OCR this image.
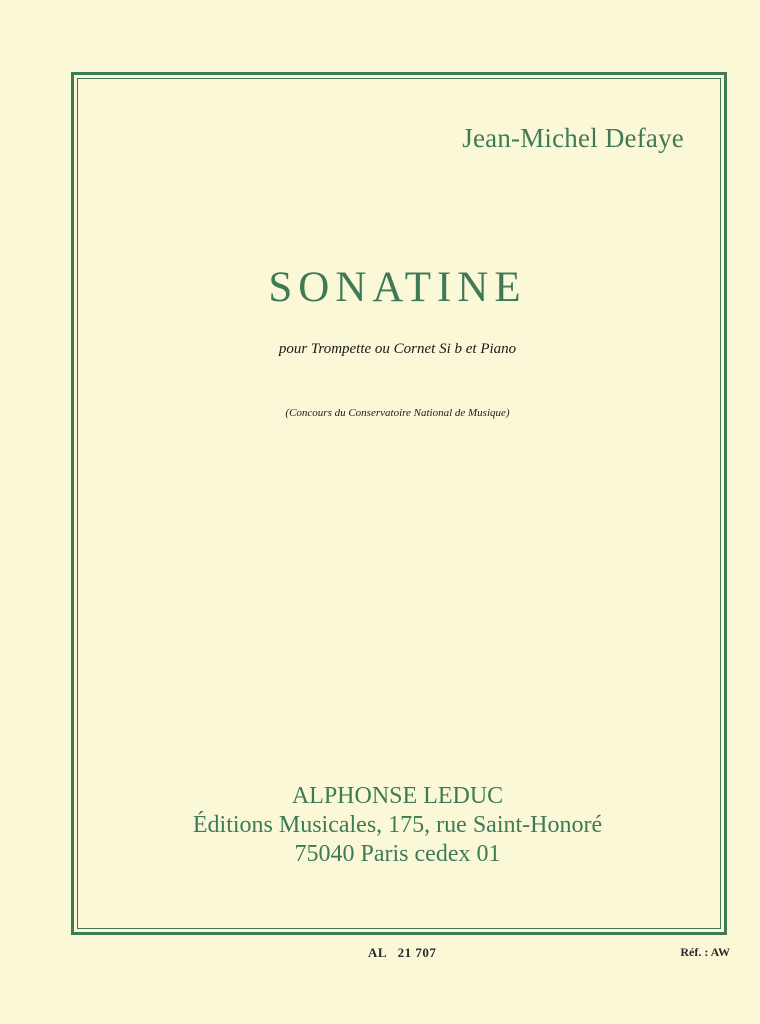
Jean-Michel Defaye
SONATINE
pour Trompette ou Cornet Si b et Piano
(Concours du Conservatoire National de Musique)
ALPHONSE LEDUC
Éditions Musicales, 175, rue Saint-Honoré
75040 Paris cedex 01
AL   21 707	Réf. : AW
